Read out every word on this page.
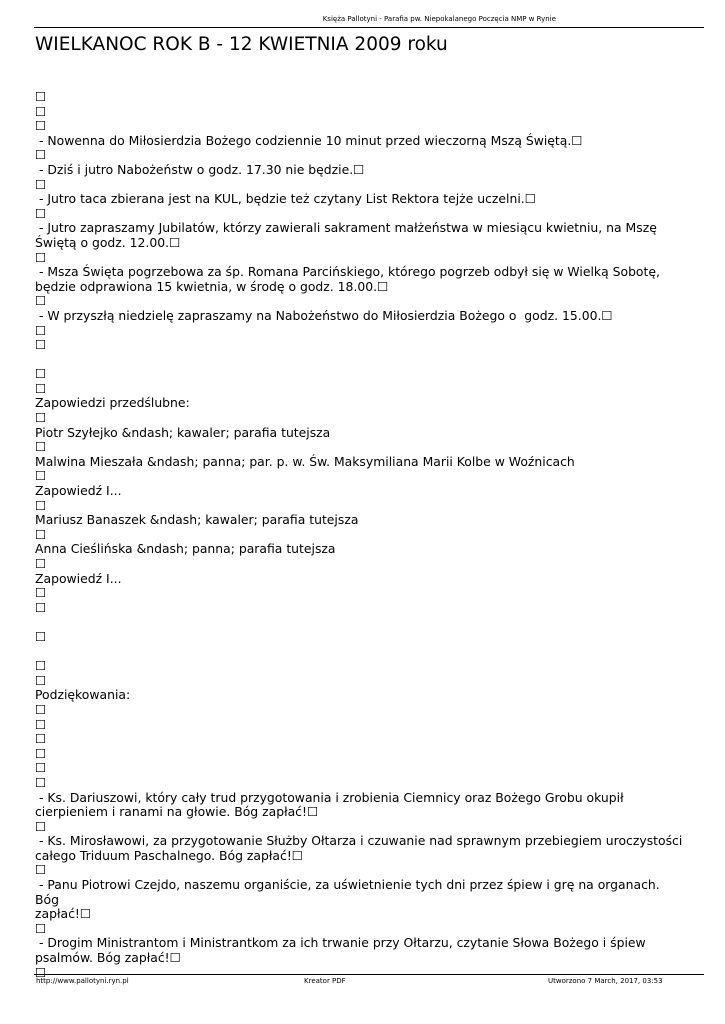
Księża Pallotyni - Parafia pw. Niepokalanego Poczęcia NMP w Rynie
WIELKANOC ROK B - 12 KWIETNIA 2009 roku
☐
☐
☐
- Nowenna do Miłosierdzia Bożego codziennie 10 minut przed wieczorną Mszą Świętą.☐
☐
- Dziś i jutro Nabożeństw o godz. 17.30 nie będzie.☐
☐
- Jutro taca zbierana jest na KUL, będzie też czytany List Rektora tejże uczelni.☐
☐
- Jutro zapraszamy Jubilatów, którzy zawierali sakrament małżeństwa w miesiącu kwietniu, na Mszę
Świętą o godz. 12.00.☐
☐
- Msza Święta pogrzebowa za śp. Romana Parcińskiego, którego pogrzeb odbył się w Wielką Sobotę,
będzie odprawiona 15 kwietnia, w środę o godz. 18.00.☐
☐
- W przyszłą niedzielę zapraszamy na Nabożeństwo do Miłosierdzia Bożego o  godz. 15.00.☐
☐
☐
☐
☐
Zapowiedzi przedślubne:
☐
Piotr Szyłejko &ndash; kawaler; parafia tutejsza
☐
Malwina Mieszała &ndash; panna; par. p. w. Św. Maksymiliana Marii Kolbe w Woźnicach
☐
Zapowiedź I...
☐
Mariusz Banaszek &ndash; kawaler; parafia tutejsza
☐
Anna Cieślińska &ndash; panna; parafia tutejsza
☐
Zapowiedź I...
☐
☐
☐
☐
☐
Podziękowania:
☐
☐
☐
☐
☐
☐
- Ks. Dariuszowi, który cały trud przygotowania i zrobienia Ciemnicy oraz Bożego Grobu okupił
cierpieniem i ranami na głowie. Bóg zapłać!☐
☐
- Ks. Mirosławowi, za przygotowanie Służby Ołtarza i czuwanie nad sprawnym przebiegiem uroczystości
całego Triduum Paschalnego. Bóg zapłać!☐
☐
- Panu Piotrowi Czejdo, naszemu organiście, za uświetnienie tych dni przez śpiew i grę na organach. Bóg
zapłać!☐
☐
- Drogim Ministrantom i Ministrantkom za ich trwanie przy Ołtarzu, czytanie Słowa Bożego i śpiew
psalmów. Bóg zapłać!☐
☐
http://www.pallotyni.ryn.pl	Kreator PDF	Utworzono 7 March, 2017, 03:53
